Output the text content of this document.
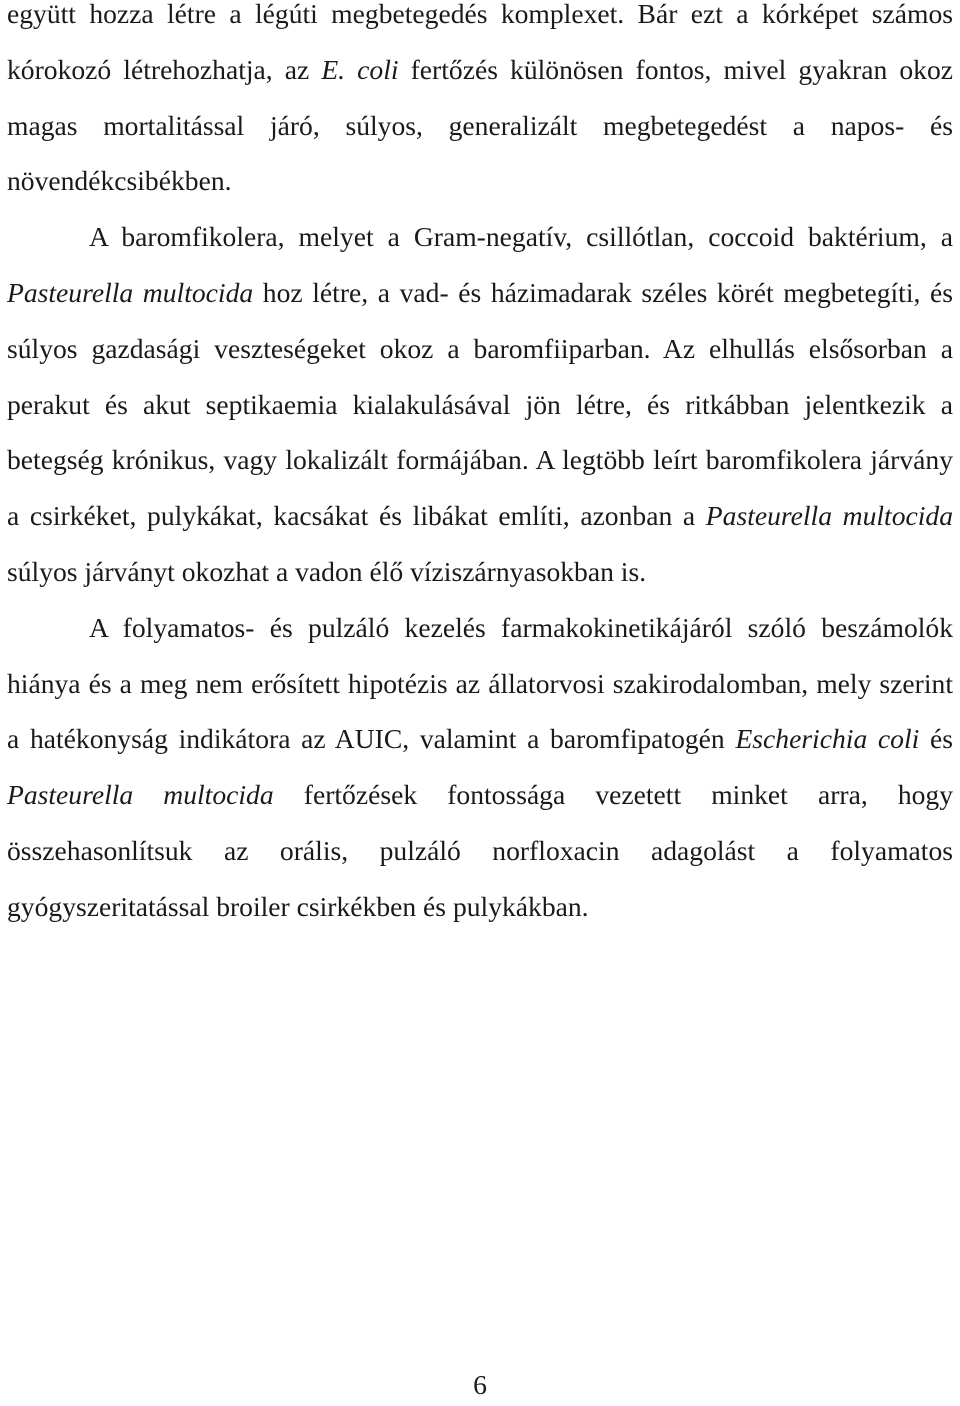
együtt hozza létre a légúti megbetegedés komplexet. Bár ezt a kórképet számos kórokozó létrehozhatja, az E. coli fertőzés különösen fontos, mivel gyakran okoz magas mortalitással járó, súlyos, generalizált megbetegedést a napos- és növendékcsibékben.

A baromfikolera, melyet a Gram-negatív, csillótlan, coccoid baktérium, a Pasteurella multocida hoz létre, a vad- és házimadarak széles körét megbetegíti, és súlyos gazdasági veszteségeket okoz a baromfiiparban. Az elhullás elsősorban a perakut és akut septikaemia kialakulásával jön létre, és ritkábban jelentkezik a betegség krónikus, vagy lokalizált formájában. A legtöbb leírt baromfikolera járvány a csirkéket, pulykákat, kacsákat és libákat említi, azonban a Pasteurella multocida súlyos járványt okozhat a vadon élő víziszárnyasokban is.

A folyamatos- és pulzáló kezelés farmakokinetikájáról szóló beszámolók hiánya és a meg nem erősített hipotézis az állatorvosi szakirodalomban, mely szerint a hatékonyság indikátora az AUIC, valamint a baromfipatogén Escherichia coli és Pasteurella multocida fertőzések fontossága vezetett minket arra, hogy összehasonlítsuk az orális, pulzáló norfloxacin adagolást a folyamatos gyógyszeritatással broiler csirkékben és pulykákban.

6
